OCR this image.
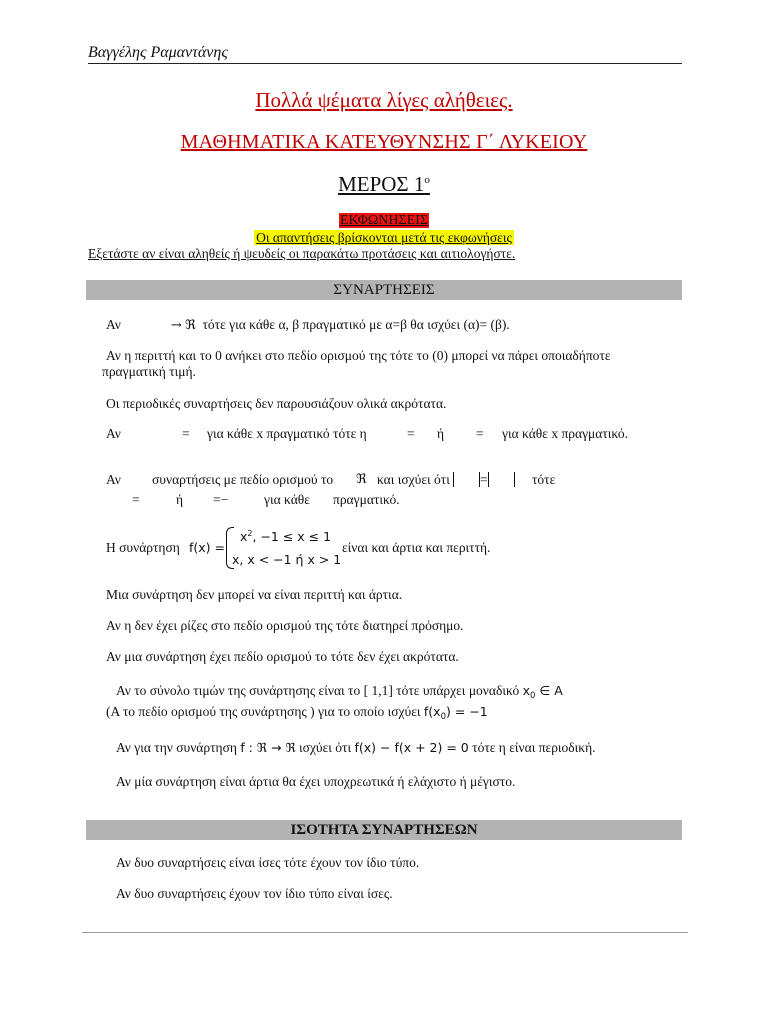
Βαγγέλης Ραμαντάνης
Πολλά ψέματα λίγες αλήθειες.
ΜΑΘΗΜΑΤΙΚΑ ΚΑΤΕΥΘΥΝΣΗΣ Γ΄ ΛΥΚΕΙΟΥ
ΜΕΡΟΣ $1^o$
ΕΚΦΩΝΗΣΕΙΣ
Οι απαντήσεις βρίσκονται μετά τις εκφωνήσεις
Εξετάστε αν είναι αληθείς ή ψευδείς οι παρακάτω προτάσεις και αιτιολογήστε.
ΣΥΝΑΡΤΗΣΕΙΣ
Αν	→ ℜ τότε για κάθε α, β πραγματικό με α=β θα ισχύει (α)= (β).
Αν η περιττή και το 0 ανήκει στο πεδίο ορισμού της τότε το (0) μπορεί να πάρει οποιαδήποτε
πραγματική τιμή.
Οι περιοδικές συναρτήσεις δεν παρουσιάζουν ολικά ακρότατα.
Αν	= για κάθε x πραγματικό τότε η	= ή = για κάθε x πραγματικό.
Αν συναρτήσεις με πεδίο ορισμού το ℜ και ισχύει ότι	=	τότε
=	ή =−	για κάθε πραγματικό.
Η συνάρτηση f(x) =
$x^2$, −1 ≤ x ≤ 1
x, x < −1 ή x > 1
είναι και άρτια και περιττή.
Μια συνάρτηση δεν μπορεί να είναι περιττή και άρτια.
Αν η δεν έχει ρίζες στο πεδίο ορισμού της τότε διατηρεί πρόσημο.
Αν μια συνάρτηση έχει πεδίο ορισμού το τότε δεν έχει ακρότατα.
Αν το σύνολο τιμών της συνάρτησης είναι το [ 1,1] τότε υπάρχει μοναδικό $x_0$ ∈ A
(Α το πεδίο ορισμού της συνάρτησης ) για το οποίο ισχύει $f(x_0) = -1$
Αν για την συνάρτηση f : ℜ → ℜ ισχύει ότι f(x) − f(x + 2) = 0 τότε η είναι περιοδική.
Αν μία συνάρτηση είναι άρτια θα έχει υποχρεωτικά ή ελάχιστο ή μέγιστο.
ΙΣΟΤΗΤΑ ΣΥΝΑΡΤΗΣΕΩΝ
Αν δυο συναρτήσεις είναι ίσες τότε έχουν τον ίδιο τύπο.
Αν δυο συναρτήσεις έχουν τον ίδιο τύπο είναι ίσες.
